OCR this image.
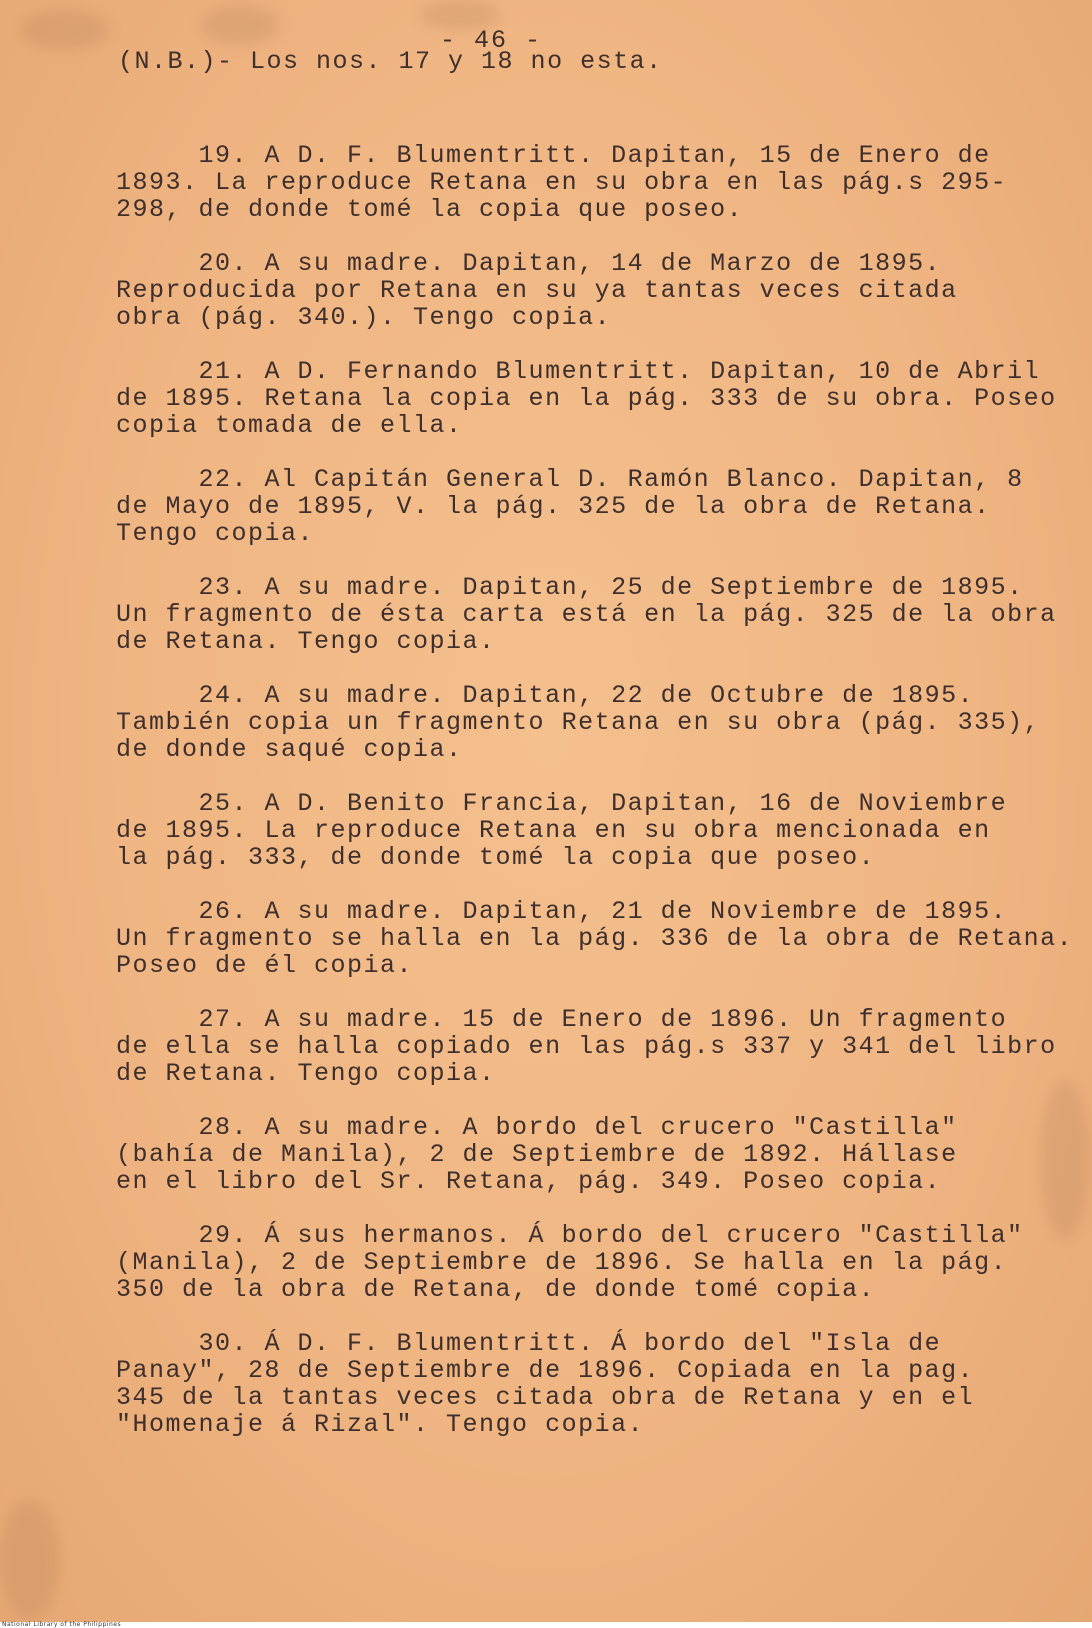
- 46 -
(N.B.)- Los nos. 17 y 18 no esta.
19. A D. F. Blumentritt. Dapitan, 15 de Enero de
1893. La reproduce Retana en su obra en las pág.s 295-
298, de donde tomé la copia que poseo.
20. A su madre. Dapitan, 14 de Marzo de 1895.
Reproducida por Retana en su ya tantas veces citada
obra (pág. 340.). Tengo copia.
21. A D. Fernando Blumentritt. Dapitan, 10 de Abril
de 1895. Retana la copia en la pág. 333 de su obra. Poseo
copia tomada de ella.
22. Al Capitán General D. Ramón Blanco. Dapitan, 8
de Mayo de 1895, V. la pág. 325 de la obra de Retana.
Tengo copia.
23. A su madre. Dapitan, 25 de Septiembre de 1895.
Un fragmento de ésta carta está en la pág. 325 de la obra
de Retana. Tengo copia.
24. A su madre. Dapitan, 22 de Octubre de 1895.
También copia un fragmento Retana en su obra (pág. 335),
de donde saqué copia.
25. A D. Benito Francia, Dapitan, 16 de Noviembre
de 1895. La reproduce Retana en su obra mencionada en
la pág. 333, de donde tomé la copia que poseo.
26. A su madre. Dapitan, 21 de Noviembre de 1895.
Un fragmento se halla en la pág. 336 de la obra de Retana.
Poseo de él copia.
27. A su madre. 15 de Enero de 1896. Un fragmento
de ella se halla copiado en las pág.s 337 y 341 del libro
de Retana. Tengo copia.
28. A su madre. A bordo del crucero "Castilla"
(bahía de Manila), 2 de Septiembre de 1892. Hállase
en el libro del Sr. Retana, pág. 349. Poseo copia.
29. Á sus hermanos. Á bordo del crucero "Castilla"
(Manila), 2 de Septiembre de 1896. Se halla en la pág.
350 de la obra de Retana, de donde tomé copia.
30. Á D. F. Blumentritt. Á bordo del "Isla de
Panay", 28 de Septiembre de 1896. Copiada en la pag.
345 de la tantas veces citada obra de Retana y en el
"Homenaje á Rizal". Tengo copia.
National Library of the Philippines
